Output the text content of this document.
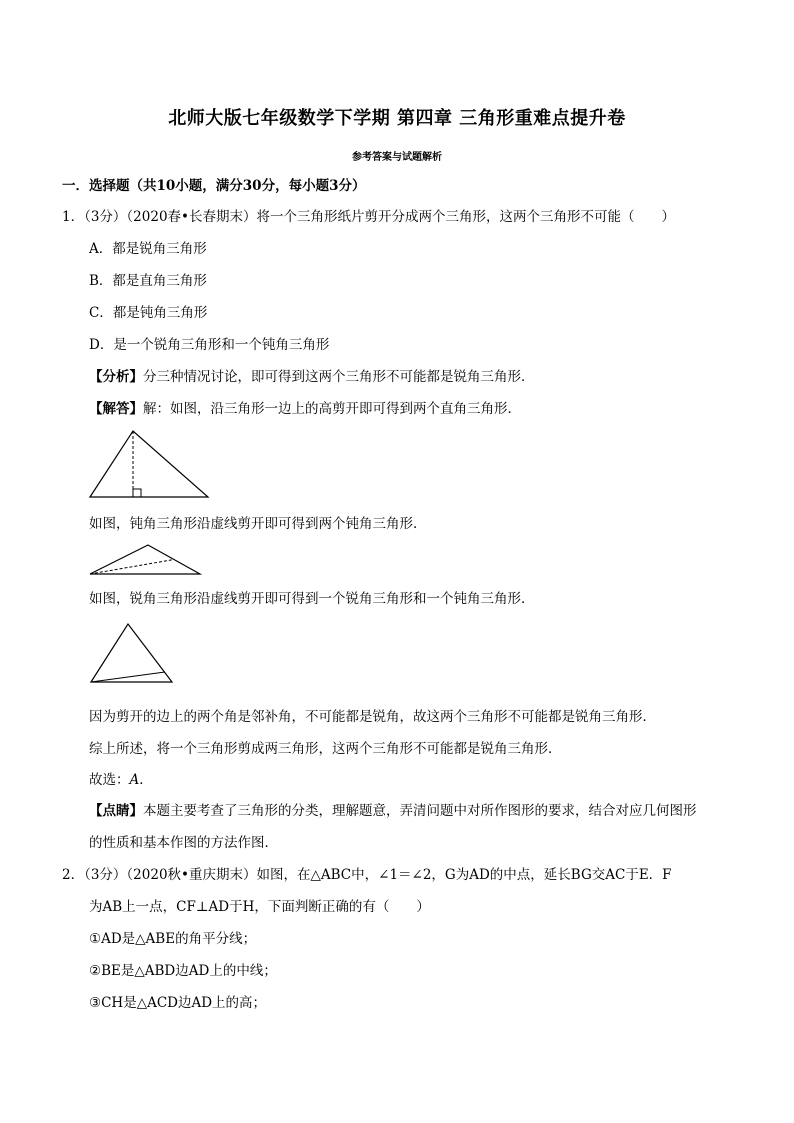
北师大版七年级数学下学期 第四章 三角形重难点提升卷
参考答案与试题解析
一．选择题（共10小题，满分30分，每小题3分）
1．（3分）（2020春•长春期末）将一个三角形纸片剪开分成两个三角形，这两个三角形不可能（　　）
A．都是锐角三角形
B．都是直角三角形
C．都是钝角三角形
D．是一个锐角三角形和一个钝角三角形
【分析】分三种情况讨论，即可得到这两个三角形不可能都是锐角三角形．
【解答】解：如图，沿三角形一边上的高剪开即可得到两个直角三角形．
如图，钝角三角形沿虚线剪开即可得到两个钝角三角形．
如图，锐角三角形沿虚线剪开即可得到一个锐角三角形和一个钝角三角形．
因为剪开的边上的两个角是邻补角，不可能都是锐角，故这两个三角形不可能都是锐角三角形．
综上所述，将一个三角形剪成两三角形，这两个三角形不可能都是锐角三角形．
故选：A．
【点睛】本题主要考查了三角形的分类，理解题意，弄清问题中对所作图形的要求，结合对应几何图形
的性质和基本作图的方法作图．
2．（3分）（2020秋•重庆期末）如图，在△ABC中，∠1＝∠2，G为AD的中点，延长BG交AC于E．F
为AB上一点，CF⊥AD于H，下面判断正确的有（　　）
①AD是△ABE的角平分线；
②BE是△ABD边AD上的中线；
③CH是△ACD边AD上的高；
